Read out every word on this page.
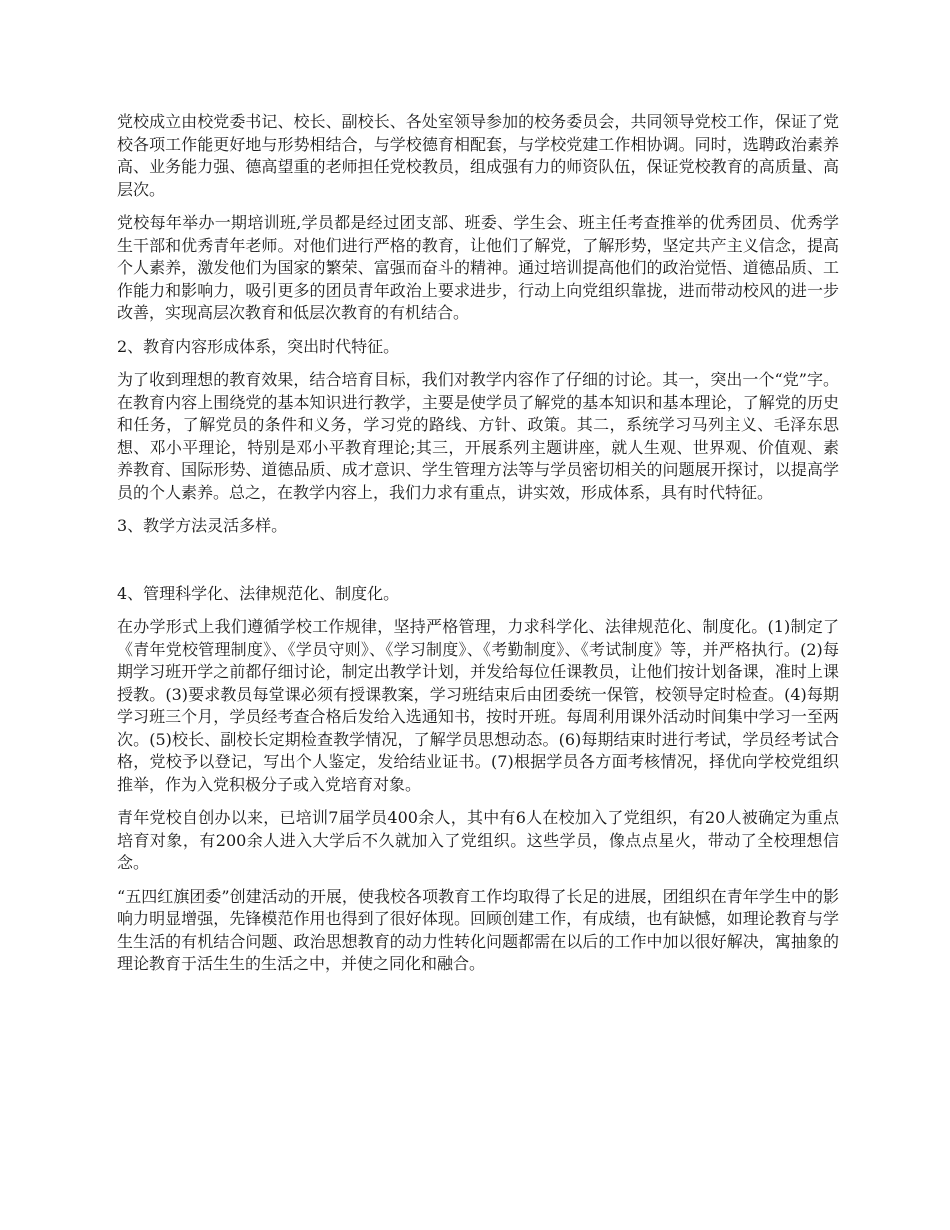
党校成立由校党委书记、校长、副校长、各处室领导参加的校务委员会，共同领导党校工作，保证了党校各项工作能更好地与形势相结合，与学校德育相配套，与学校党建工作相协调。同时，选聘政治素养高、业务能力强、德高望重的老师担任党校教员，组成强有力的师资队伍，保证党校教育的高质量、高层次。

党校每年举办一期培训班,学员都是经过团支部、班委、学生会、班主任考查推举的优秀团员、优秀学生干部和优秀青年老师。对他们进行严格的教育，让他们了解党，了解形势，坚定共产主义信念，提高个人素养，激发他们为国家的繁荣、富强而奋斗的精神。通过培训提高他们的政治觉悟、道德品质、工作能力和影响力，吸引更多的团员青年政治上要求进步，行动上向党组织靠拢，进而带动校风的进一步改善，实现高层次教育和低层次教育的有机结合。

2、教育内容形成体系，突出时代特征。

为了收到理想的教育效果，结合培育目标，我们对教学内容作了仔细的讨论。其一，突出一个“党”字。在教育内容上围绕党的基本知识进行教学，主要是使学员了解党的基本知识和基本理论，了解党的历史和任务，了解党员的条件和义务，学习党的路线、方针、政策。其二，系统学习马列主义、毛泽东思想、邓小平理论，特别是邓小平教育理论;其三，开展系列主题讲座，就人生观、世界观、价值观、素养教育、国际形势、道德品质、成才意识、学生管理方法等与学员密切相关的问题展开探讨，以提高学员的个人素养。总之，在教学内容上，我们力求有重点，讲实效，形成体系，具有时代特征。

3、教学方法灵活多样。

4、管理科学化、法律规范化、制度化。

在办学形式上我们遵循学校工作规律，坚持严格管理，力求科学化、法律规范化、制度化。(1)制定了《青年党校管理制度》、《学员守则》、《学习制度》、《考勤制度》、《考试制度》等，并严格执行。(2)每期学习班开学之前都仔细讨论，制定出教学计划，并发给每位任课教员，让他们按计划备课，准时上课授教。(3)要求教员每堂课必须有授课教案，学习班结束后由团委统一保管，校领导定时检查。(4)每期学习班三个月，学员经考查合格后发给入选通知书，按时开班。每周利用课外活动时间集中学习一至两次。(5)校长、副校长定期检查教学情况，了解学员思想动态。(6)每期结束时进行考试，学员经考试合格，党校予以登记，写出个人鉴定，发给结业证书。(7)根据学员各方面考核情况，择优向学校党组织推举，作为入党积极分子或入党培育对象。

青年党校自创办以来，已培训7届学员400余人，其中有6人在校加入了党组织，有20人被确定为重点培育对象，有200余人进入大学后不久就加入了党组织。这些学员，像点点星火，带动了全校理想信念。

“五四红旗团委”创建活动的开展，使我校各项教育工作均取得了长足的进展，团组织在青年学生中的影响力明显增强，先锋模范作用也得到了很好体现。回顾创建工作，有成绩，也有缺憾，如理论教育与学生生活的有机结合问题、政治思想教育的动力性转化问题都需在以后的工作中加以很好解决，寓抽象的理论教育于活生生的生活之中，并使之同化和融合。
